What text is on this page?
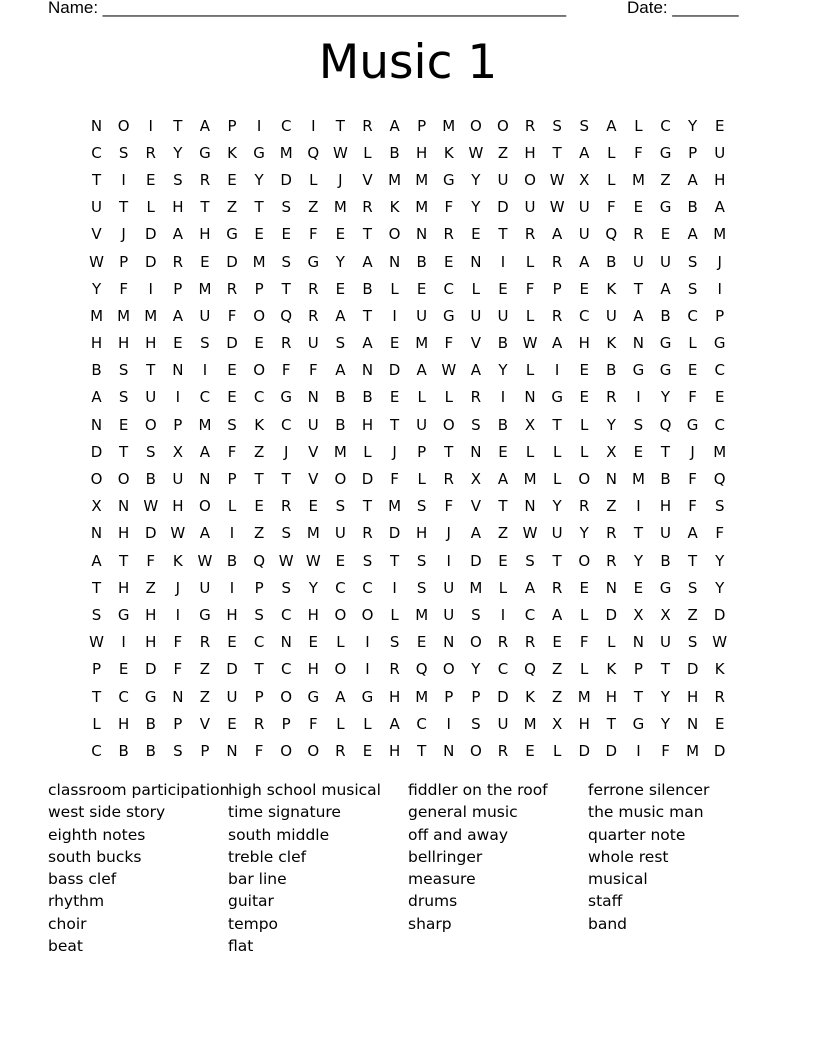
Name: _________________________________________________	Date: _______
Music 1
N	O	I	T	A	P	I	C	I	T	R	A	P	M O	O	R	S	S	A	L	C	Y	E
C	S	R	Y	G	K	G M Q W	L	B	H	K W Z	H	T	A	L	F	G	P	U
T	I	E	S	R	E	Y	D	L	J	V	M M G	Y	U	O W X	L	M	Z	A	H
U	T	L	H	T	Z	T	S	Z	M	R	K	M	F	Y	D	U W U	F	E	G	B	A
V	J	D	A	H	G	E	E	F	E	T	O	N	R	E	T	R	A	U	Q	R	E	A	M
W	P	D	R	E	D M	S	G	Y	A	N	B	E	N	I	L	R	A	B	U	U	S	J
Y	F	I	P	M	R	P	T	R	E	B	L	E	C	L	E	F	P	E	K	T	A	S	I
M M M	A	U	F	O	Q	R	A	T	I	U	G	U	U	L	R	C	U	A	B	C	P
H	H	H	E	S	D	E	R	U	S	A	E	M	F	V	B W A	H	K	N	G	L	G
B	S	T	N	I	E	O	F	F	A	N	D	A W A	Y	L	I	E	B	G	G	E	C
A	S	U	I	C	E	C	G	N	B	B	E	L	L	R	I	N	G	E	R	I	Y	F	E
N	E	O	P	M	S	K	C	U	B	H	T	U	O	S	B	X	T	L	Y	S	Q	G	C
D	T	S	X	A	F	Z	J	V	M	L	J	P	T	N	E	L	L	L	X	E	T	J	M
O	O	B	U	N	P	T	T	V	O	D	F	L	R	X	A	M	L	O	N	M	B	F	Q
X	N W H	O	L	E	R	E	S	T	M	S	F	V	T	N	Y	R	Z	I	H	F	S
N	H	D W A	I	Z	S	M	U	R	D	H	J	A	Z W U	Y	R	T	U	A	F
A	T	F	K W B	Q W W E	S	T	S	I	D	E	S	T	O	R	Y	B	T	Y
T	H	Z	J	U	I	P	S	Y	C	C	I	S	U	M	L	A	R	E	N	E	G	S	Y
S	G	H	I	G	H	S	C	H	O	O	L	M	U	S	I	C	A	L	D	X	X	Z	D
W	I	H	F	R	E	C	N	E	L	I	S	E	N	O	R	R	E	F	L	N	U	S W
P	E	D	F	Z	D	T	C	H	O	I	R	Q	O	Y	C	Q	Z	L	K	P	T	D	K
T	C	G	N	Z	U	P	O	G	A	G	H M	P	P	D	K	Z	M H	T	Y	H	R
L	H	B	P	V	E	R	P	F	L	L	A	C	I	S	U	M	X	H	T	G	Y	N	E
C	B	B	S	P	N	F	O	O	R	E	H	T	N	O	R	E	L	D	D	I	F	M D
classroom participation
west side story
eighth notes
south bucks
bass clef
rhythm
choir
beat
high school musical
time signature
south middle
treble clef
bar line
guitar
tempo
flat
fiddler on the roof
general music
off and away
bellringer
measure
drums
sharp
ferrone silencer
the music man
quarter note
whole rest
musical
staff
band
